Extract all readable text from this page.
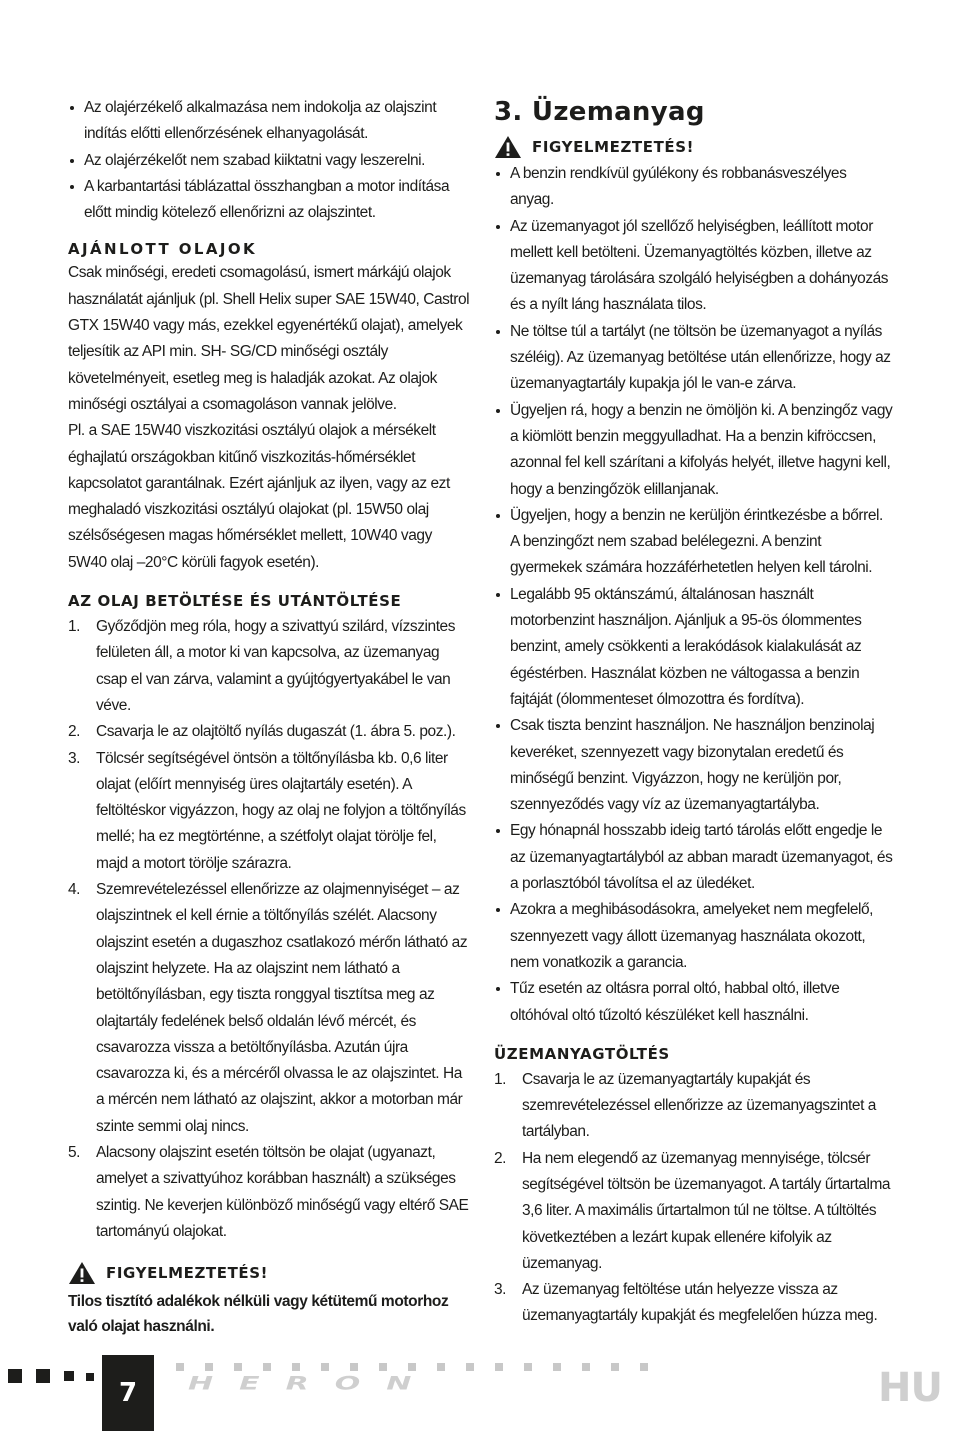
Az olajérzékelő alkalmazása nem indokolja az olajszint indítás előtti ellenőrzésének elhanyagolását.
Az olajérzékelőt nem szabad kiiktatni vagy leszerelni.
A karbantartási táblázattal összhangban a motor indítása előtt mindig kötelező ellenőrizni az olajszintet.
AJÁNLOTT OLAJOK

Csak minőségi, eredeti csomagolású, ismert márkájú olajok használatát ajánljuk (pl. Shell Helix super SAE 15W40, Castrol GTX 15W40 vagy más, ezekkel egyenértékű olajat), amelyek teljesítik az API min. SH- SG/CD minőségi osztály követelményeit, esetleg meg is haladják azokat. Az olajok minőségi osztályai a csomagoláson vannak jelölve.

Pl. a SAE 15W40 viszkozitási osztályú olajok a mérsékelt éghajlatú országokban kitűnő viszkozitás-hőmérséklet kapcsolatot garantálnak. Ezért ajánljuk az ilyen, vagy az ezt meghaladó viszkozitási osztályú olajokat (pl. 15W50 olaj szélsőségesen magas hőmérséklet mellett, 10W40 vagy 5W40 olaj –20°C körüli fagyok esetén).

AZ OLAJ BETÖLTÉSE ÉS UTÁNTÖLTÉSE
1. Győződjön meg róla, hogy a szivattyú szilárd, vízszintes felületen áll, a motor ki van kapcsolva, az üzemanyag csap el van zárva, valamint a gyújtógyertyakábel le van véve.
2. Csavarja le az olajtöltő nyílás dugaszát (1. ábra 5. poz.).
3. Tölcsér segítségével öntsön a töltőnyílásba kb. 0,6 liter olajat (előírt mennyiség üres olajtartály esetén). A feltöltéskor vigyázzon, hogy az olaj ne folyjon a töltőnyílás mellé; ha ez megtörténne, a szétfolyt olajat törölje fel, majd a motort törölje szárazra.
4. Szemrevételezéssel ellenőrizze az olajmennyiséget – az olajszintnek el kell érnie a töltőnyílás szélét. Alacsony olajszint esetén a dugaszhoz csatlakozó mérőn látható az olajszint helyzete. Ha az olajszint nem látható a betöltőnyílásban, egy tiszta ronggyal tisztítsa meg az olajtartály fedelének belső oldalán lévő mércét, és csavarozza vissza a betöltőnyílásba. Azután újra csavarozza ki, és a mércéről olvassa le az olajszintet. Ha a mércén nem látható az olajszint, akkor a motorban már szinte semmi olaj nincs.
5. Alacsony olajszint esetén töltsön be olajat (ugyanazt, amelyet a szivattyúhoz korábban használt) a szükséges szintig. Ne keverjen különböző minőségű vagy eltérő SAE tartományú olajokat.
FIGYELMEZTETÉS!

Tilos tisztító adalékok nélküli vagy kétütemű motorhoz való olajat használni.

3. Üzemanyag
FIGYELMEZTETÉS!
A benzin rendkívül gyúlékony és robbanásveszélyes anyag.
Az üzemanyagot jól szellőző helyiségben, leállított motor mellett kell betölteni. Üzemanyagtöltés közben, illetve az üzemanyag tárolására szolgáló helyiségben a dohányozás és a nyílt láng használata tilos.
Ne töltse túl a tartályt (ne töltsön be üzemanyagot a nyílás széléig). Az üzemanyag betöltése után ellenőrizze, hogy az üzemanyagtartály kupakja jól le van-e zárva.
Ügyeljen rá, hogy a benzin ne ömöljön ki. A benzingőz vagy a kiömlött benzin meggyulladhat. Ha a benzin kifröccsen, azonnal fel kell szárítani a kifolyás helyét, illetve hagyni kell, hogy a benzingőzök elillanjanak.
Ügyeljen, hogy a benzin ne kerüljön érintkezésbe a bőrrel. A benzingőzt nem szabad belélegezni. A benzint gyermekek számára hozzáférhetetlen helyen kell tárolni.
Legalább 95 oktánszámú, általánosan használt motorbenzint használjon. Ajánljuk a 95-ös ólommentes benzint, amely csökkenti a lerakódások kialakulását az égéstérben. Használat közben ne váltogassa a benzin fajtáját (ólommenteset ólmozottra és fordítva).
Csak tiszta benzint használjon. Ne használjon benzinolaj keveréket, szennyezett vagy bizonytalan eredetű és minőségű benzint. Vigyázzon, hogy ne kerüljön por, szennyeződés vagy víz az üzemanyagtartályba.
Egy hónapnál hosszabb ideig tartó tárolás előtt engedje le az üzemanyagtartályból az abban maradt üzemanyagot, és a porlasztóból távolítsa el az üledéket.
Azokra a meghibásodásokra, amelyeket nem megfelelő, szennyezett vagy állott üzemanyag használata okozott, nem vonatkozik a garancia.
Tűz esetén az oltásra porral oltó, habbal oltó, illetve oltóhóval oltó tűzoltó készüléket kell használni.
ÜZEMANYAGTÖLTÉS
1. Csavarja le az üzemanyagtartály kupakját és szemrevételezéssel ellenőrizze az üzemanyagszintet a tartályban.
2. Ha nem elegendő az üzemanyag mennyisége, tölcsér segítségével töltsön be üzemanyagot. A tartály űrtartalma 3,6 liter. A maximális űrtartalmon túl ne töltse. A túltöltés következtében a lezárt kupak ellenére kifolyik az üzemanyag.
3. Az üzemanyag feltöltése után helyezze vissza az üzemanyagtartály kupakját és megfelelően húzza meg.
7	HERON	HU
